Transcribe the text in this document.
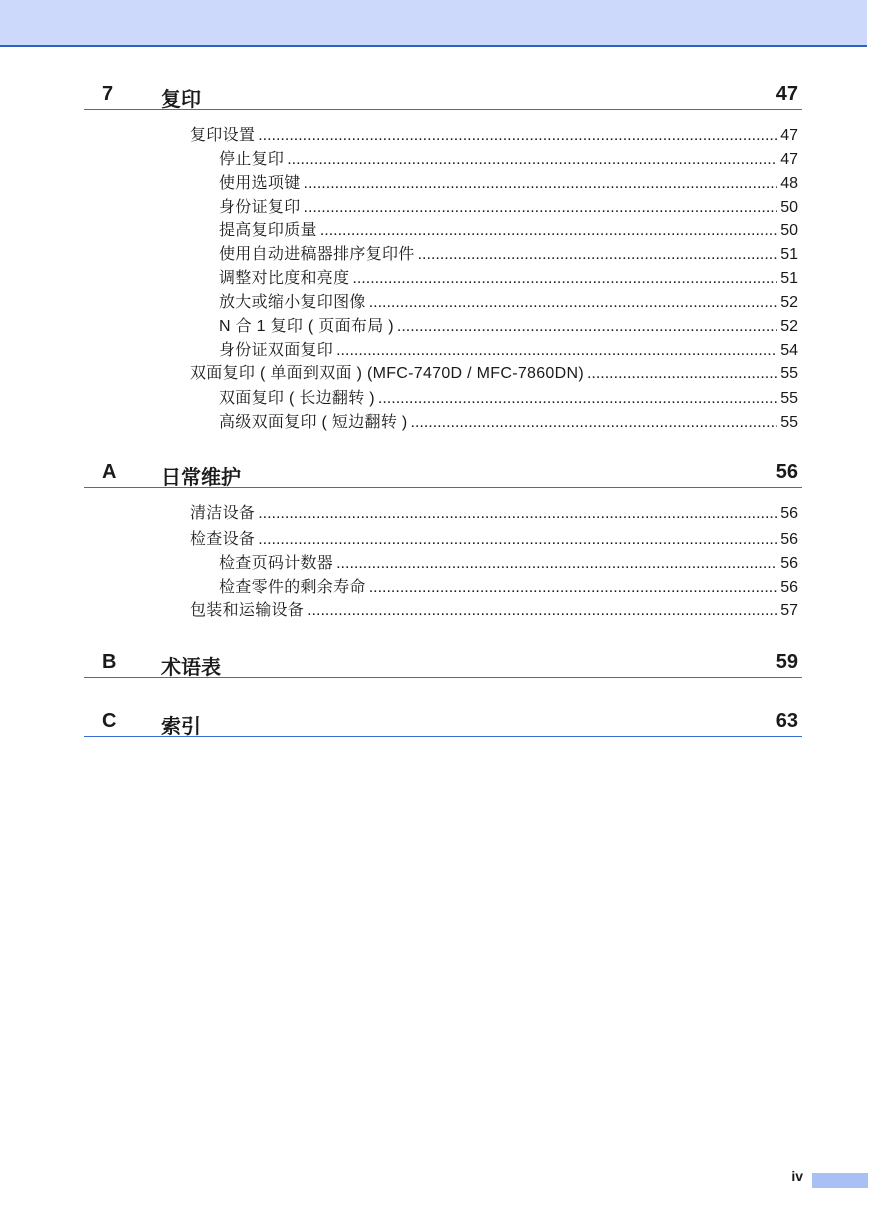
7 复印	47
复印设置 .....	47
停止复印 .....	47
使用选项键 .....	48
身份证复印 .....	50
提高复印质量 .....	50
使用自动进稿器排序复印件 .....	51
调整对比度和亮度 .....	51
放大或缩小复印图像 .....	52
N 合 1 复印 ( 页面布局 ) .....	52
身份证双面复印 .....	54
双面复印 ( 单面到双面 ) (MFC-7470D / MFC-7860DN) .....	55
双面复印 ( 长边翻转 ) .....	55
高级双面复印 ( 短边翻转 ) .....	55
A 日常维护	56
清洁设备 .....	56
检查设备 .....	56
检查页码计数器 .....	56
检查零件的剩余寿命 .....	56
包装和运输设备 .....	57
B 术语表	59
C 索引	63
iv
